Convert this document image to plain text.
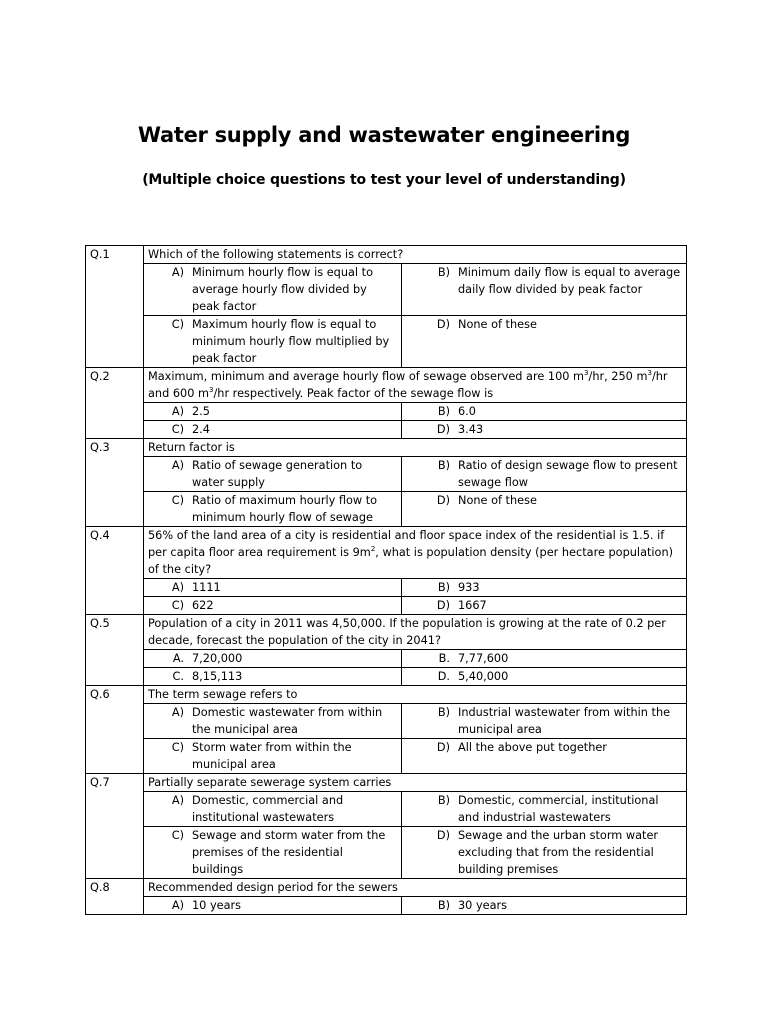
Water supply and wastewater engineering
(Multiple choice questions to test your level of understanding)
Q.1	Which of the following statements is correct?	

	A) Minimum hourly flow is equal to average hourly flow divided by peak factor	B) Minimum daily flow is equal to average daily flow divided by peak factor

	C) Maximum hourly flow is equal to minimum hourly flow multiplied by peak factor	D) None of these

Q.2	Maximum, minimum and average hourly flow of sewage observed are 100 $m^3/hr$, 250 $m^3/hr$ and 600 $m^3/hr$ respectively. Peak factor of the sewage flow is	

	A) 2.5	B) 6.0

	C) 2.4	D) 3.43

Q.3	Return factor is	

	A) Ratio of sewage generation to water supply	B) Ratio of design sewage flow to present sewage flow

	C) Ratio of maximum hourly flow to minimum hourly flow of sewage	D) None of these

Q.4	56% of the land area of a city is residential and floor space index of the residential is 1.5. if per capita floor area requirement is $9m^2$, what is population density (per hectare population) of the city?	

	A) 1111	B) 933

	C) 622	D) 1667

Q.5	Population of a city in 2011 was 4,50,000. If the population is growing at the rate of 0.2 per decade, forecast the population of the city in 2041?	

	A. 7,20,000	B. 7,77,600

	C. 8,15,113	D. 5,40,000

Q.6	The term sewage refers to	

	A) Domestic wastewater from within the municipal area	B) Industrial wastewater from within the municipal area

	C) Storm water from within the municipal area	D) All the above put together

Q.7	Partially separate sewerage system carries	

	A) Domestic, commercial and institutional wastewaters	B) Domestic, commercial, institutional and industrial wastewaters

	C) Sewage and storm water from the premises of the residential buildings	D) Sewage and the urban storm water excluding that from the residential building premises

Q.8	Recommended design period for the sewers	

	A) 10 years	B) 30 years
